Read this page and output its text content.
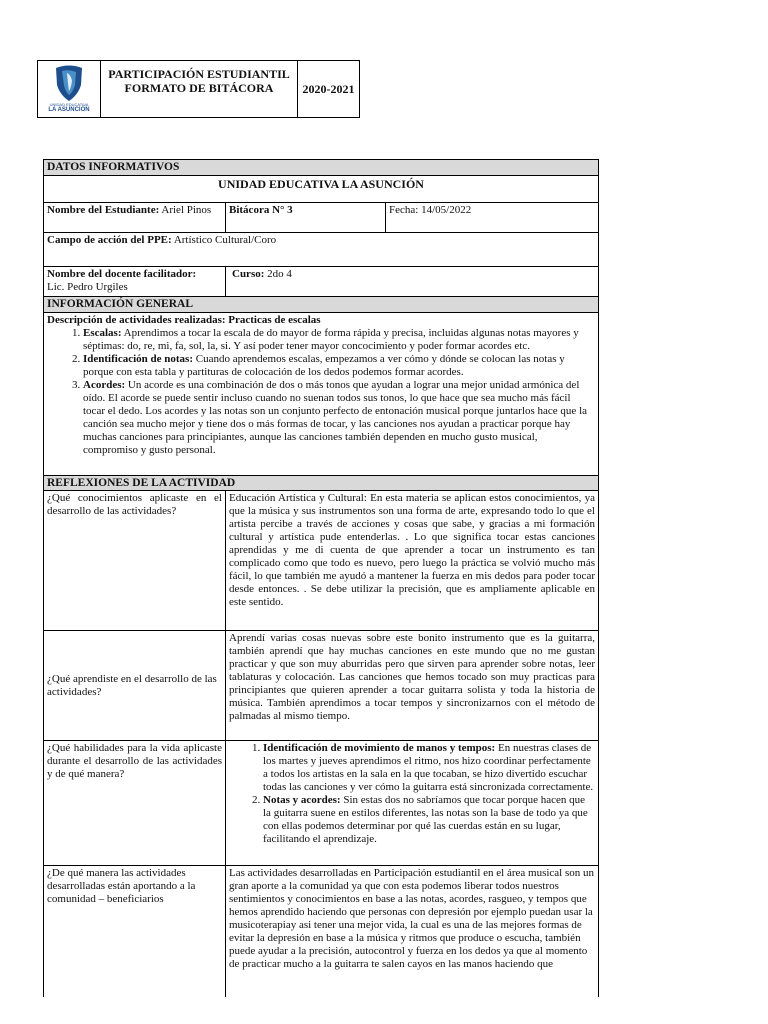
UNIDAD EDUCATIVA
LA ASUNCIÓN
PARTICIPACIÓN ESTUDIANTIL
FORMATO DE BITÁCORA	2020-2021
DATOS INFORMATIVOS
UNIDAD EDUCATIVA LA ASUNCIÓN
Nombre del Estudiante: Ariel Pinos	Bitácora N° 3	Fecha: 14/05/2022
Campo de acción del PPE: Artístico Cultural/Coro
Nombre del docente facilitador:
Lic. Pedro Urgiles
Curso: 2do 4
INFORMACIÓN GENERAL
Descripción de actividades realizadas: Practicas de escalas
1. Escalas: Aprendimos a tocar la escala de do mayor de forma rápida y precisa, incluidas algunas notas mayores y séptimas: do, re, mi, fa, sol, la, si. Y así poder tener mayor concocimiento y poder formar acordes etc.
2. Identificación de notas: Cuando aprendemos escalas, empezamos a ver cómo y dónde se colocan las notas y porque con esta tabla y partituras de colocación de los dedos podemos formar acordes.
3. Acordes: Un acorde es una combinación de dos o más tonos que ayudan a lograr una mejor unidad armónica del oído. El acorde se puede sentir incluso cuando no suenan todos sus tonos, lo que hace que sea mucho más fácil tocar el dedo. Los acordes y las notas son un conjunto perfecto de entonación musical porque juntarlos hace que la canción sea mucho mejor y tiene dos o más formas de tocar, y las canciones nos ayudan a practicar porque hay muchas canciones para principiantes, aunque las canciones también dependen en mucho gusto musical, compromiso y gusto personal.
REFLEXIONES DE LA ACTIVIDAD
¿Qué conocimientos aplicaste en el desarrollo de las actividades?
Educación Artística y Cultural: En esta materia se aplican estos conocimientos, ya que la música y sus instrumentos son una forma de arte, expresando todo lo que el artista percibe a través de acciones y cosas que sabe, y gracias a mi formación cultural y artística pude entenderlas. . Lo que significa tocar estas canciones aprendidas y me di cuenta de que aprender a tocar un instrumento es tan complicado como que todo es nuevo, pero luego la práctica se volvió mucho más fácil, lo que también me ayudó a mantener la fuerza en mis dedos para poder tocar desde entonces. . Se debe utilizar la precisión, que es ampliamente aplicable en este sentido.
¿Qué aprendiste en el desarrollo de las actividades?
Aprendí varias cosas nuevas sobre este bonito instrumento que es la guitarra, también aprendí que hay muchas canciones en este mundo que no me gustan practicar y que son muy aburridas pero que sirven para aprender sobre notas, leer tablaturas y colocación. Las canciones que hemos tocado son muy practicas para principiantes que quieren aprender a tocar guitarra solista y toda la historia de música. También aprendimos a tocar tempos y sincronizarnos con el método de palmadas al mismo tiempo.
¿Qué habilidades para la vida aplicaste durante el desarrollo de las actividades y de qué manera?
1. Identificación de movimiento de manos y tempos: En nuestras clases de los martes y jueves aprendimos el ritmo, nos hizo coordinar perfectamente a todos los artistas en la sala en la que tocaban, se hizo divertido escuchar todas las canciones y ver cómo la guitarra está sincronizada correctamente.
2. Notas y acordes: Sin estas dos no sabríamos que tocar porque hacen que la guitarra suene en estilos diferentes, las notas son la base de todo ya que con ellas podemos determinar por qué las cuerdas están en su lugar, facilitando el aprendizaje.
¿De qué manera las actividades desarrolladas están aportando a la comunidad – beneficiarios
Las actividades desarrolladas en Participación estudiantil en el área musical son un gran aporte a la comunidad ya que con esta podemos liberar todos nuestros sentimientos y conocimientos en base a las notas, acordes, rasgueo, y tempos que hemos aprendido haciendo que personas con depresión por ejemplo puedan usar la musicoterapiay asi tener una mejor vida, la cual es una de las mejores formas de evitar la depresión en base a la música y ritmos que produce o escucha, también puede ayudar a la precisión, autocontrol y fuerza en los dedos ya que al momento de practicar mucho a la guitarra te salen cayos en las manos haciendo que
